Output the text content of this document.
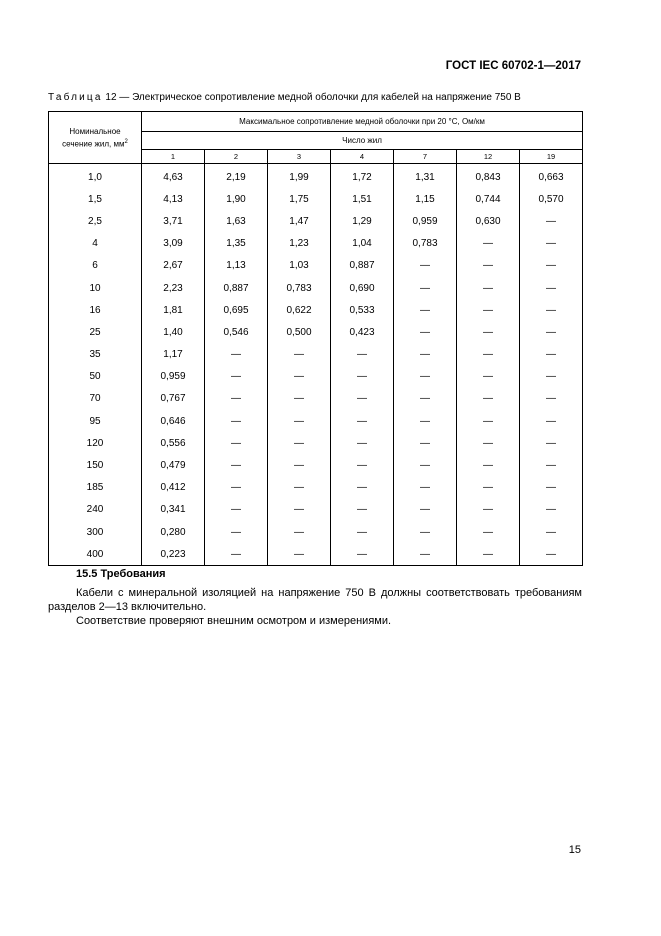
ГОСТ IEC 60702-1—2017
Таблица 12 — Электрическое сопротивление медной оболочки для кабелей на напряжение 750 В
Номинальное
сечение жил, $мм^2$	Максимальное сопротивление медной оболочки при 20 °С, Ом/км						
	Число жил						
	1	2	3	4	7	12	19

1,0	4,63	2,19	1,99	1,72	1,31	0,843	0,663
1,5	4,13	1,90	1,75	1,51	1,15	0,744	0,570
2,5	3,71	1,63	1,47	1,29	0,959	0,630	—
4	3,09	1,35	1,23	1,04	0,783	—	—
6	2,67	1,13	1,03	0,887	—	—	—
10	2,23	0,887	0,783	0,690	—	—	—
16	1,81	0,695	0,622	0,533	—	—	—
25	1,40	0,546	0,500	0,423	—	—	—
35	1,17	—	—	—	—	—	—
50	0,959	—	—	—	—	—	—
70	0,767	—	—	—	—	—	—
95	0,646	—	—	—	—	—	—
120	0,556	—	—	—	—	—	—
150	0,479	—	—	—	—	—	—
185	0,412	—	—	—	—	—	—
240	0,341	—	—	—	—	—	—
300	0,280	—	—	—	—	—	—
400	0,223	—	—	—	—	—	—
15.5 Требования
Кабели с минеральной изоляцией на напряжение 750 В должны соответствовать требованиям разделов 2—13 включительно.
Соответствие проверяют внешним осмотром и измерениями.
15
